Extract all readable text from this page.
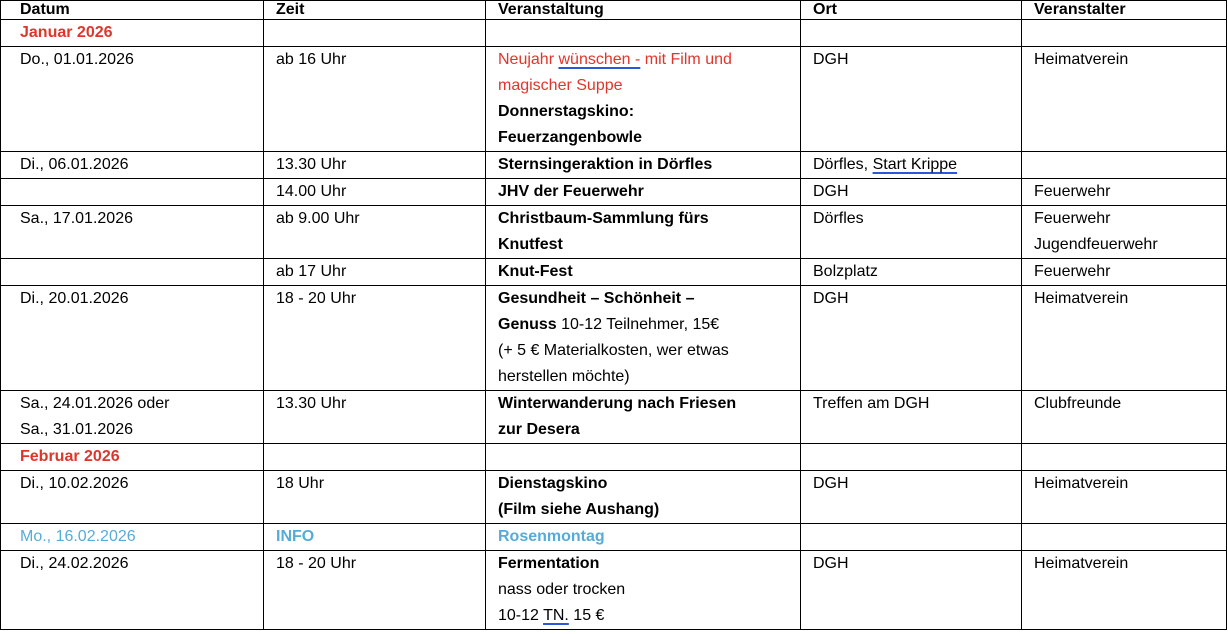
Datum	Zeit	Veranstaltung	Ort	Veranstalter
Januar 2026				
Do., 01.01.2026	ab 16 Uhr	Neujahr wünschen - mit Film und
magischer Suppe
Donnerstagskino:
Feuerzangenbowle	DGH	Heimatverein
Di., 06.01.2026	13.30 Uhr	Sternsingeraktion in Dörfles	Dörfles, Start Krippe	
	14.00 Uhr	JHV der Feuerwehr	DGH	Feuerwehr
Sa., 17.01.2026	ab 9.00 Uhr	Christbaum-Sammlung fürs
Knutfest	Dörfles	Feuerwehr
Jugendfeuerwehr

	ab 17 Uhr	Knut-Fest	Bolzplatz	Feuerwehr
Di., 20.01.2026	18 - 20 Uhr	Gesundheit – Schönheit –
Genuss 10-12 Teilnehmer, 15€
(+ 5 € Materialkosten, wer etwas
herstellen möchte)	DGH	Heimatverein

Sa., 24.01.2026 oder
Sa., 31.01.2026	13.30 Uhr	Winterwanderung nach Friesen
zur Desera	Treffen am DGH	Clubfreunde
Februar 2026				
Di., 10.02.2026	18 Uhr	Dienstagskino
(Film siehe Aushang)	DGH	Heimatverein
Mo., 16.02.2026	INFO	Rosenmontag		
Di., 24.02.2026	18 - 20 Uhr	Fermentation
nass oder trocken
10-12 TN. 15 €	DGH	Heimatverein
